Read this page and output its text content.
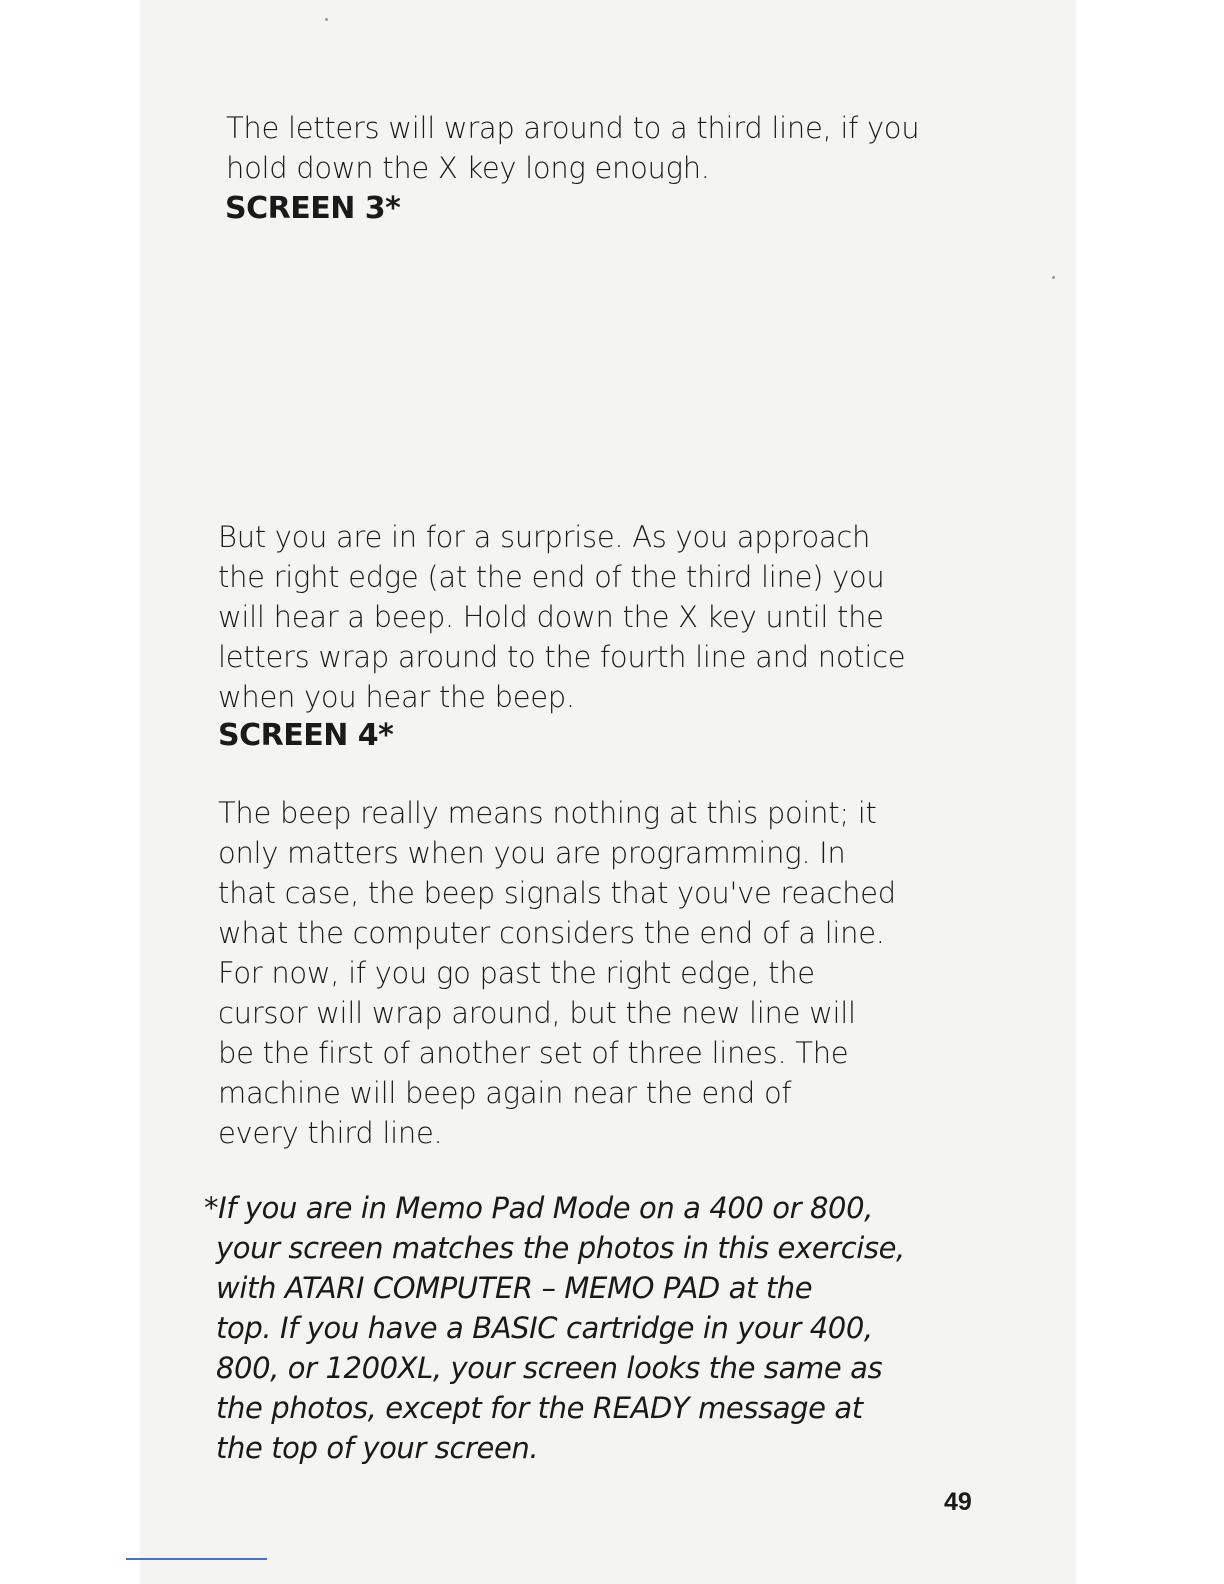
The letters will wrap around to a third line, if you
hold down the X key long enough.
SCREEN 3*
But you are in for a surprise. As you approach
the right edge (at the end of the third line) you
will hear a beep. Hold down the X key until the
letters wrap around to the fourth line and notice
when you hear the beep.
SCREEN 4*
The beep really means nothing at this point; it
only matters when you are programming. In
that case, the beep signals that you've reached
what the computer considers the end of a line.
For now, if you go past the right edge, the
cursor will wrap around, but the new line will
be the first of another set of three lines. The
machine will beep again near the end of
every third line.
*If you are in Memo Pad Mode on a 400 or 800,
your screen matches the photos in this exercise,
with ATARI COMPUTER – MEMO PAD at the
top. If you have a BASIC cartridge in your 400,
800, or 1200XL, your screen looks the same as
the photos, except for the READY message at
the top of your screen.
49
